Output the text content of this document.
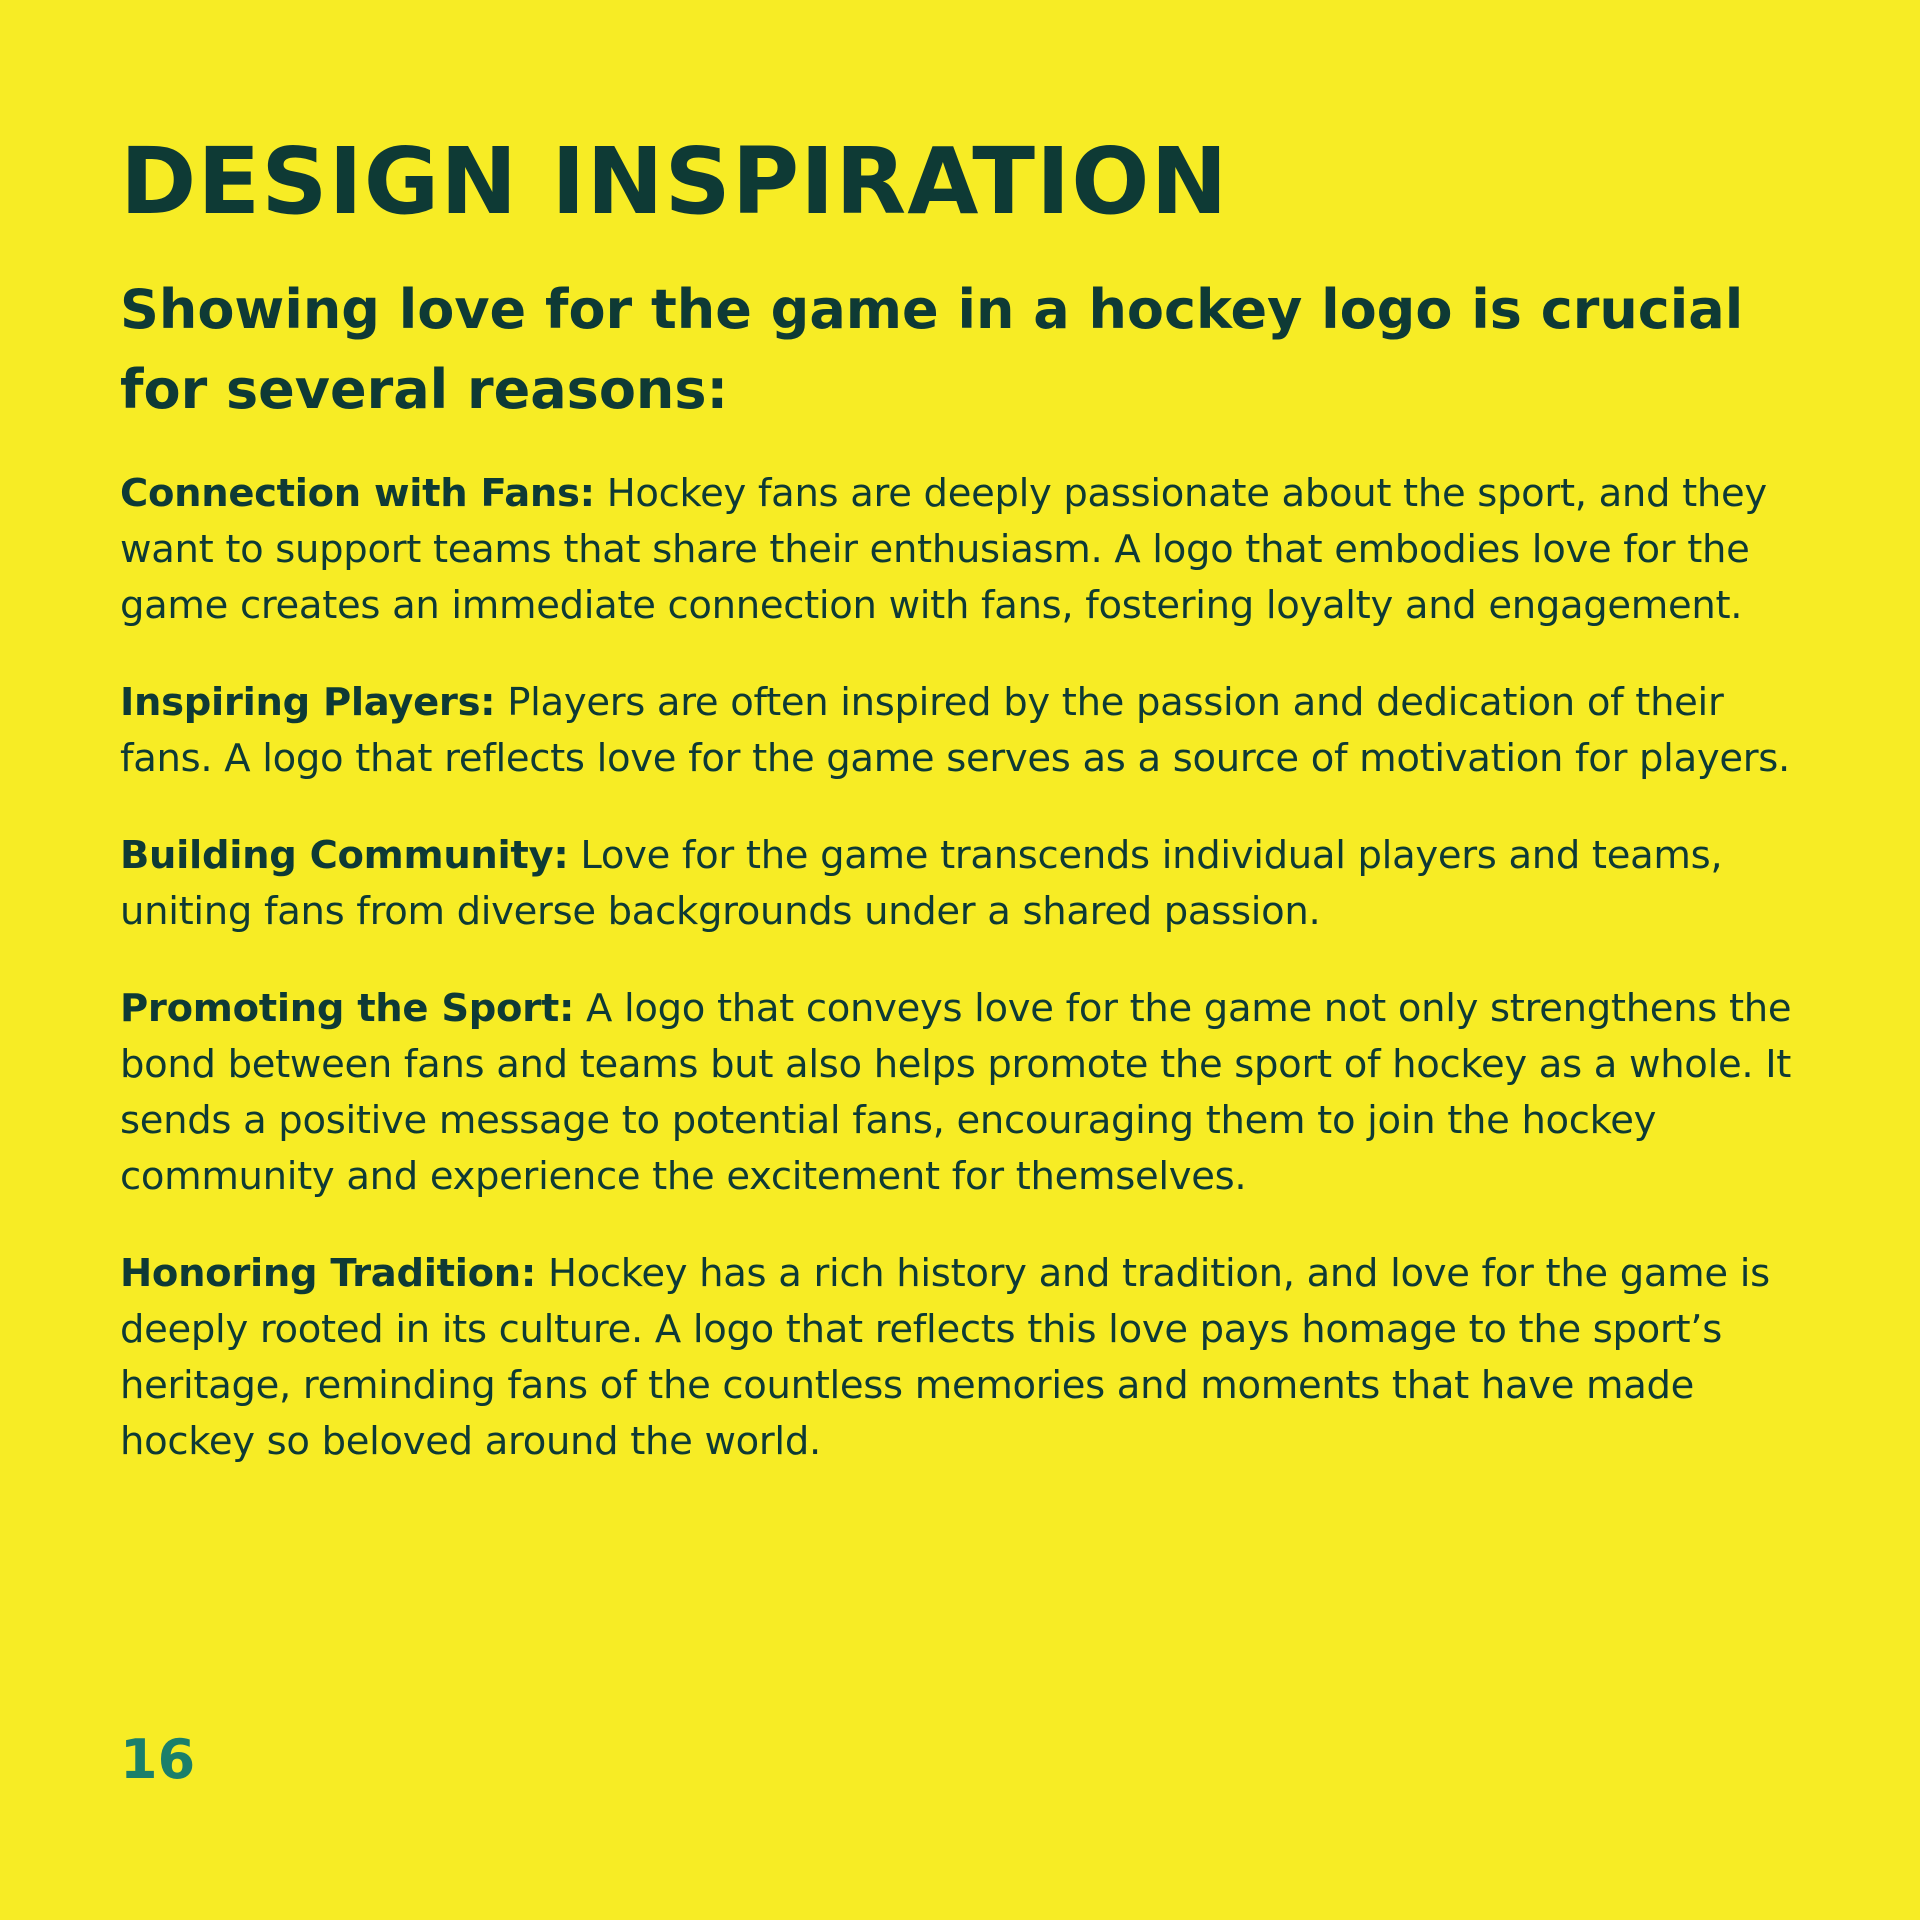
DESIGN INSPIRATION
Showing love for the game in a hockey logo is crucial for several reasons:

Connection with Fans: Hockey fans are deeply passionate about the sport, and they want to support teams that share their enthusiasm. A logo that embodies love for the game creates an immediate connection with fans, fostering loyalty and engagement.

Inspiring Players: Players are often inspired by the passion and dedication of their fans. A logo that reflects love for the game serves as a source of motivation for players.

Building Community: Love for the game transcends individual players and teams, uniting fans from diverse backgrounds under a shared passion.

Promoting the Sport: A logo that conveys love for the game not only strengthens the bond between fans and teams but also helps promote the sport of hockey as a whole. It sends a positive message to potential fans, encouraging them to join the hockey community and experience the excitement for themselves.

Honoring Tradition: Hockey has a rich history and tradition, and love for the game is deeply rooted in its culture. A logo that reflects this love pays homage to the sport’s heritage, reminding fans of the countless memories and moments that have made hockey so beloved around the world.

16
